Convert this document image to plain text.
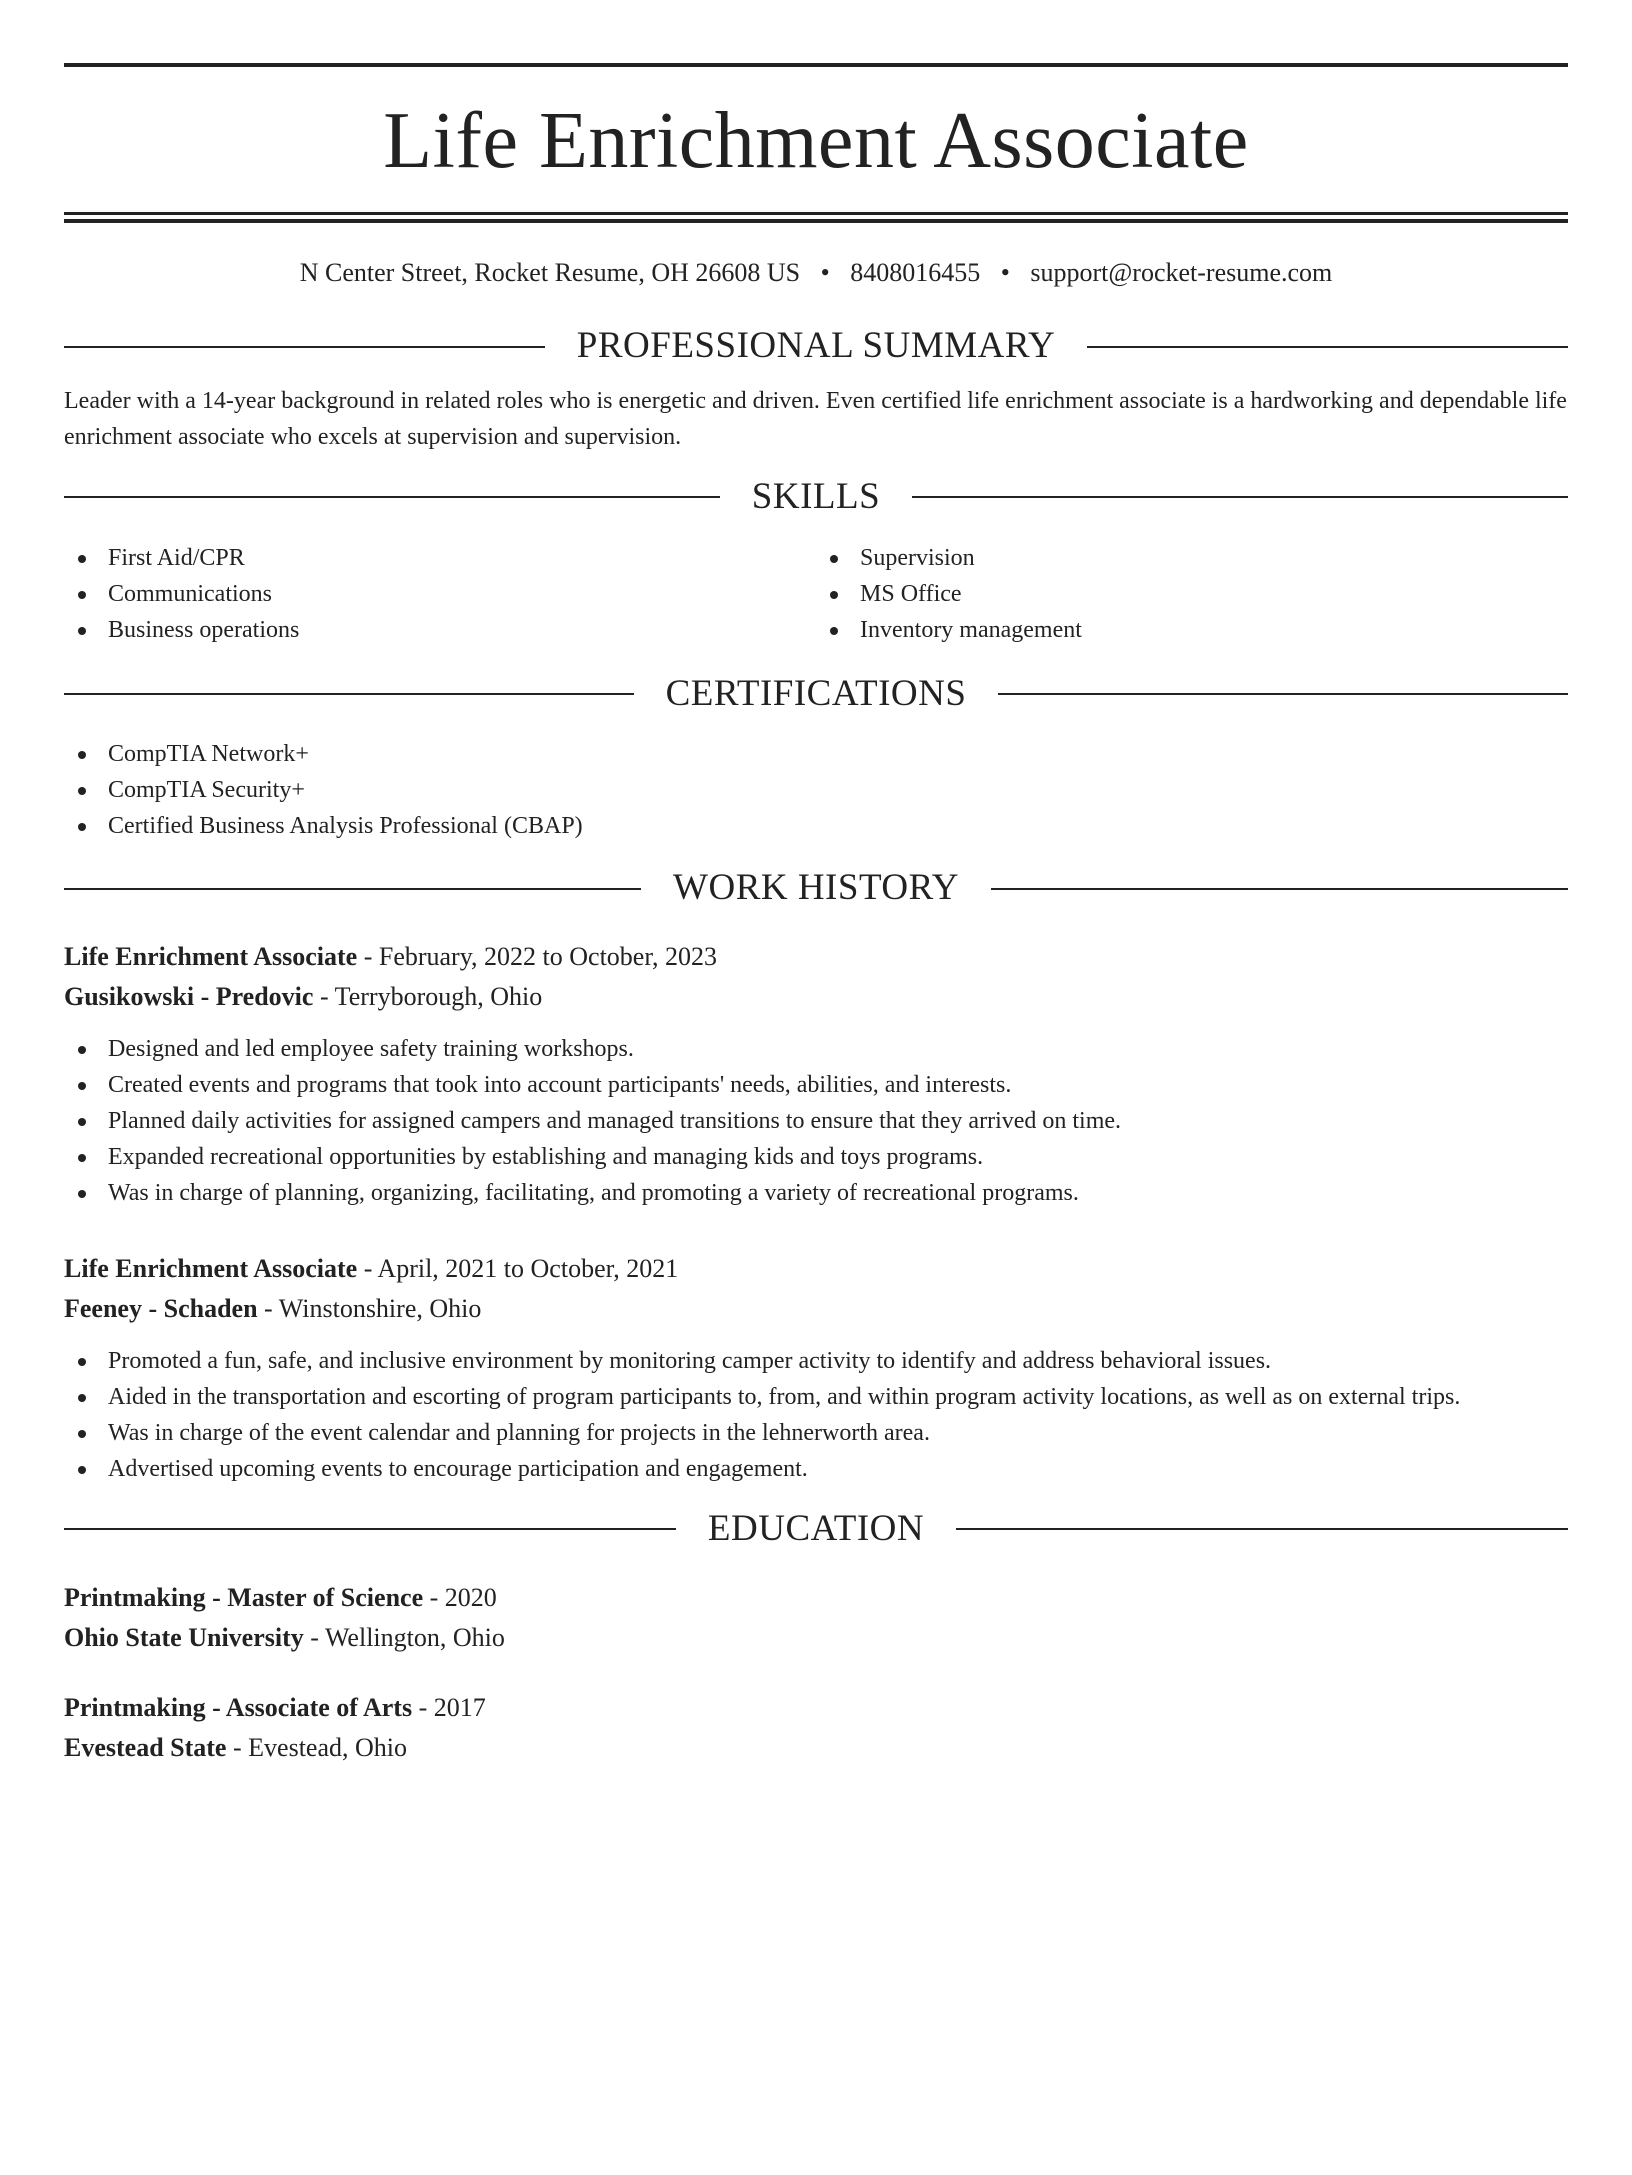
Life Enrichment Associate
N Center Street, Rocket Resume, OH 26608 US • 8408016455 • support@rocket-resume.com
PROFESSIONAL SUMMARY
Leader with a 14-year background in related roles who is energetic and driven. Even certified life enrichment associate is a hardworking and dependable life enrichment associate who excels at supervision and supervision.
SKILLS
First Aid/CPR
Communications
Business operations
Supervision
MS Office
Inventory management
CERTIFICATIONS
CompTIA Network+
CompTIA Security+
Certified Business Analysis Professional (CBAP)
WORK HISTORY
Life Enrichment Associate - February, 2022 to October, 2023
Gusikowski - Predovic - Terryborough, Ohio
Designed and led employee safety training workshops.
Created events and programs that took into account participants' needs, abilities, and interests.
Planned daily activities for assigned campers and managed transitions to ensure that they arrived on time.
Expanded recreational opportunities by establishing and managing kids and toys programs.
Was in charge of planning, organizing, facilitating, and promoting a variety of recreational programs.
Life Enrichment Associate - April, 2021 to October, 2021
Feeney - Schaden - Winstonshire, Ohio
Promoted a fun, safe, and inclusive environment by monitoring camper activity to identify and address behavioral issues.
Aided in the transportation and escorting of program participants to, from, and within program activity locations, as well as on external trips.
Was in charge of the event calendar and planning for projects in the lehnerworth area.
Advertised upcoming events to encourage participation and engagement.
EDUCATION
Printmaking - Master of Science - 2020
Ohio State University - Wellington, Ohio
Printmaking - Associate of Arts - 2017
Evestead State - Evestead, Ohio
